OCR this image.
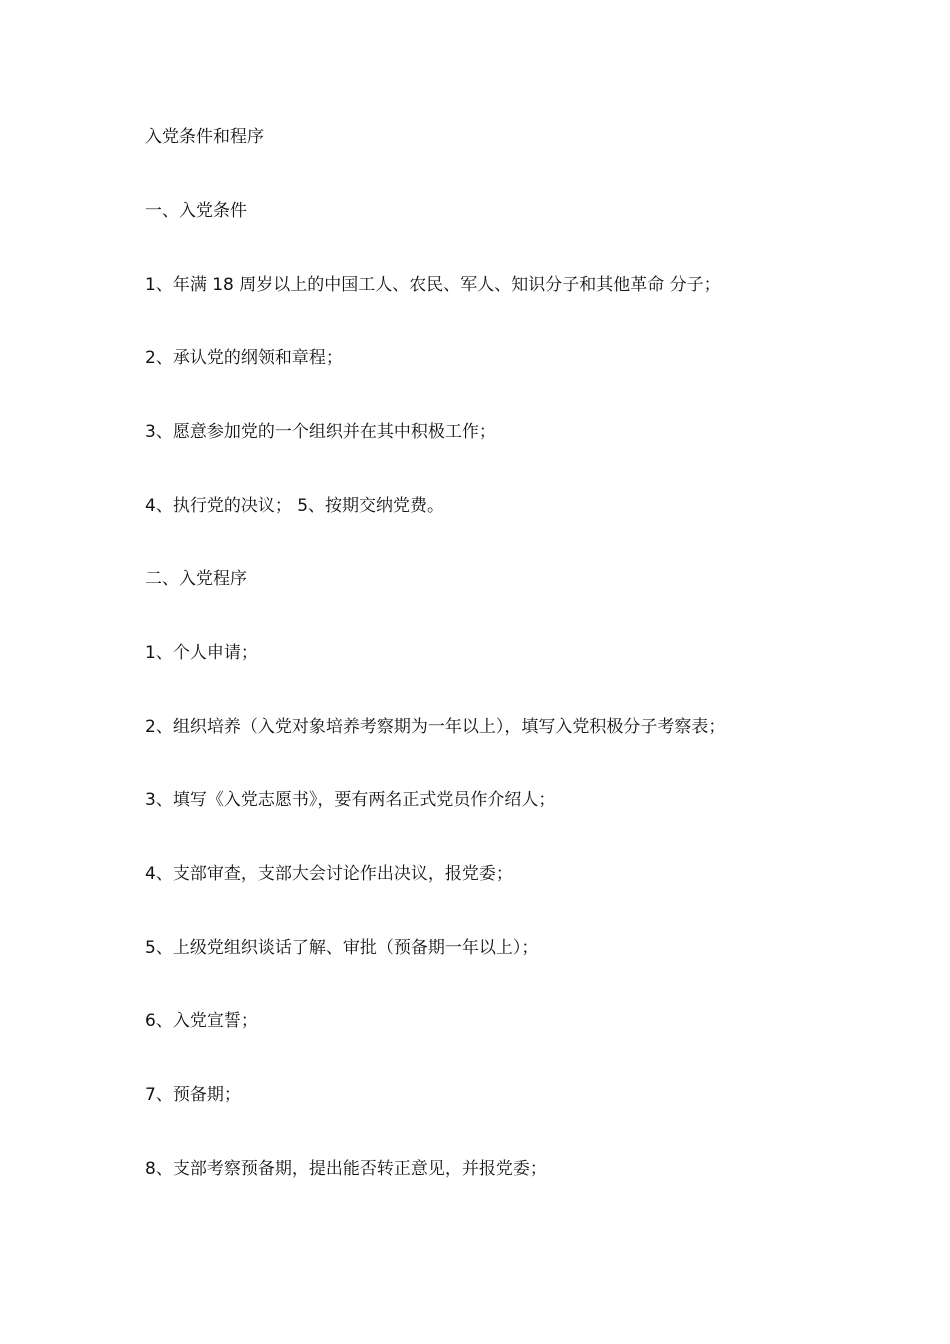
入党条件和程序

一、入党条件

1、年满 18 周岁以上的中国工人、农民、军人、知识分子和其他革命 分子；

2、承认党的纲领和章程；

3、愿意参加党的一个组织并在其中积极工作；

4、执行党的决议； 5、按期交纳党费。

二、入党程序

1、个人申请；

2、组织培养（入党对象培养考察期为一年以上），填写入党积极分子考察表；

3、填写《入党志愿书》，要有两名正式党员作介绍人；

4、支部审查，支部大会讨论作出决议，报党委；

5、上级党组织谈话了解、审批（预备期一年以上）；

6、入党宣誓；

7、预备期；

8、支部考察预备期，提出能否转正意见，并报党委；
